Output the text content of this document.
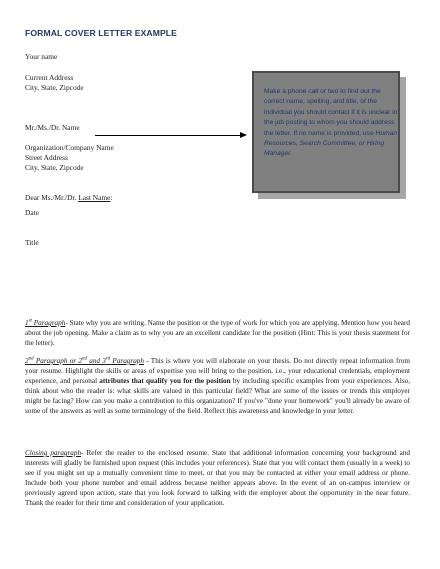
FORMAL COVER LETTER EXAMPLE
Your name
Current Address
City, State, Zipcode
Mr./Ms./Dr. Name
Organization/Company Name
Street Address
City, State, Zipcode
Make a phone call or two to find out the correct name, spelling, and title, of the individual you should contact if it is unclear in the job posting to whom you should address the letter. If no name is provided, use Human Resources, Search Committee, or Hiring Manager.
Dear Ms./Mr./Dr. Last Name:
Date
Title
1st Paragraph- State why you are writing. Name the position or the type of work for which you are applying. Mention how you heard about the job opening. Make a claim as to why you are an excellent candidate for the position (Hint: This is your thesis statement for the letter).
2nd Paragraph or 2nd and 3rd Paragraph - This is where you will elaborate on your thesis. Do not directly repeat information from your resume. Highlight the skills or areas of expertise you will bring to the position, i.e., your educational credentials, employment experience, and personal attributes that qualify you for the position by including specific examples from your experiences. Also, think about who the reader is: what skills are valued in this particular field? What are some of the issues or trends this employer might be facing? How can you make a contribution to this organization? If you've "done your homework" you'll already be aware of some of the answers as well as some terminology of the field. Reflect this awareness and knowledge in your letter.
Closing paragraph- Refer the reader to the enclosed resume. State that additional information concerning your background and interests will gladly be furnished upon request (this includes your references). State that you will contact them (usually in a week) to see if you might set up a mutually convenient time to meet, or that you may be contacted at either your email address or phone. Include both your phone number and email address because neither appears above. In the event of an on-campus interview or previously agreed upon action, state that you look forward to talking with the employer about the opportunity in the near future. Thank the reader for their time and consideration of your application.
